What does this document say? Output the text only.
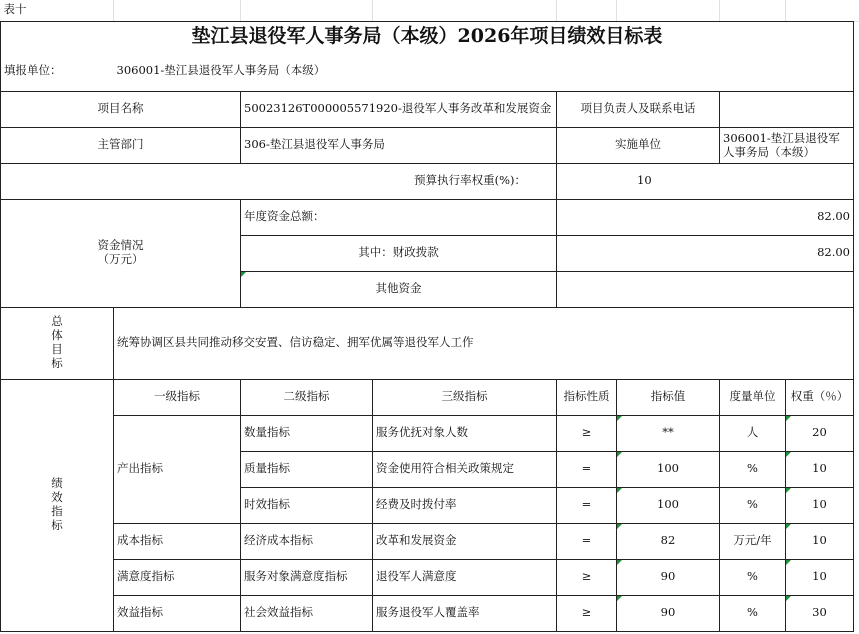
表十							
垫江县退役军人事务局（本级）2026年项目绩效目标表							
填报单位：	306001-垫江县退役军人事务局（本级）						
项目名称		50023126T000005571920-退役军人事务改革和发展资金		项目负责人及联系电话			
主管部门		306-垫江县退役军人事务局		实施单位		306001-垫江县退役军人事务局（本级）	
预算执行率权重(%)：				10			

资金情况
（万元）		年度资金总额：		82.00			
		其中：财政拨款		82.00			
		其他资金					

总
体
目
标	统筹协调区县共同推动移交安置、信访稳定、拥军优属等退役军人工作						

绩
效
指
标	一级指标	二级指标	三级指标	指标性质	指标值	度量单位	权重（％）
	产出指标	数量指标	服务优抚对象人数	≥	**	人	20
		质量指标	资金使用符合相关政策规定	=	100	%	10
		时效指标	经费及时拨付率	=	100	%	10
	成本指标	经济成本指标	改革和发展资金	=	82	万元/年	10
	满意度指标	服务对象满意度指标	退役军人满意度	≥	90	%	10
	效益指标	社会效益指标	服务退役军人覆盖率	≥	90	%	30
